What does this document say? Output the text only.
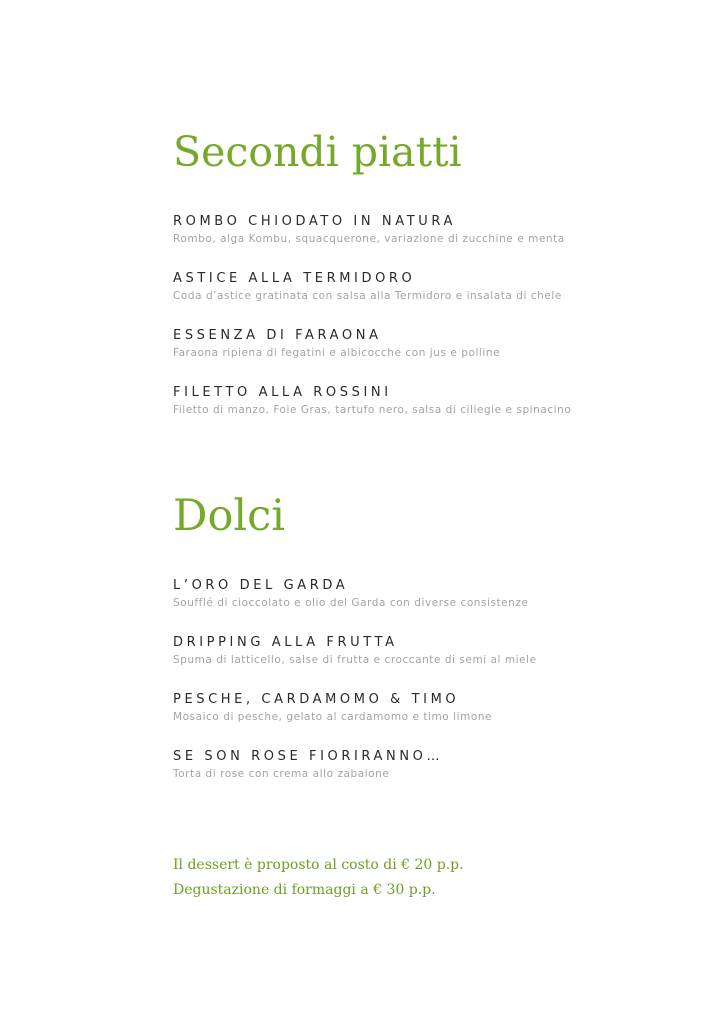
Secondi piatti
ROMBO CHIODATO IN NATURA
Rombo, alga Kombu, squacquerone, variazione di zucchine e menta
ASTICE ALLA TERMIDORO
Coda d’astice gratinata con salsa alla Termidoro e insalata di chele
ESSENZA DI FARAONA
Faraona ripiena di fegatini e albicocche con jus e polline
FILETTO ALLA ROSSINI
Filetto di manzo, Foie Gras, tartufo nero, salsa di ciliegie e spinacino
Dolci
L’ORO DEL GARDA
Soufflé di cioccolato e olio del Garda con diverse consistenze
DRIPPING ALLA FRUTTA
Spuma di latticello, salse di frutta e croccante di semi al miele
PESCHE, CARDAMOMO & TIMO
Mosaico di pesche, gelato al cardamomo e timo limone
SE SON ROSE FIORIRANNO…
Torta di rose con crema allo zabaione
Il dessert è proposto al costo di € 20 p.p.
Degustazione di formaggi a € 30 p.p.
